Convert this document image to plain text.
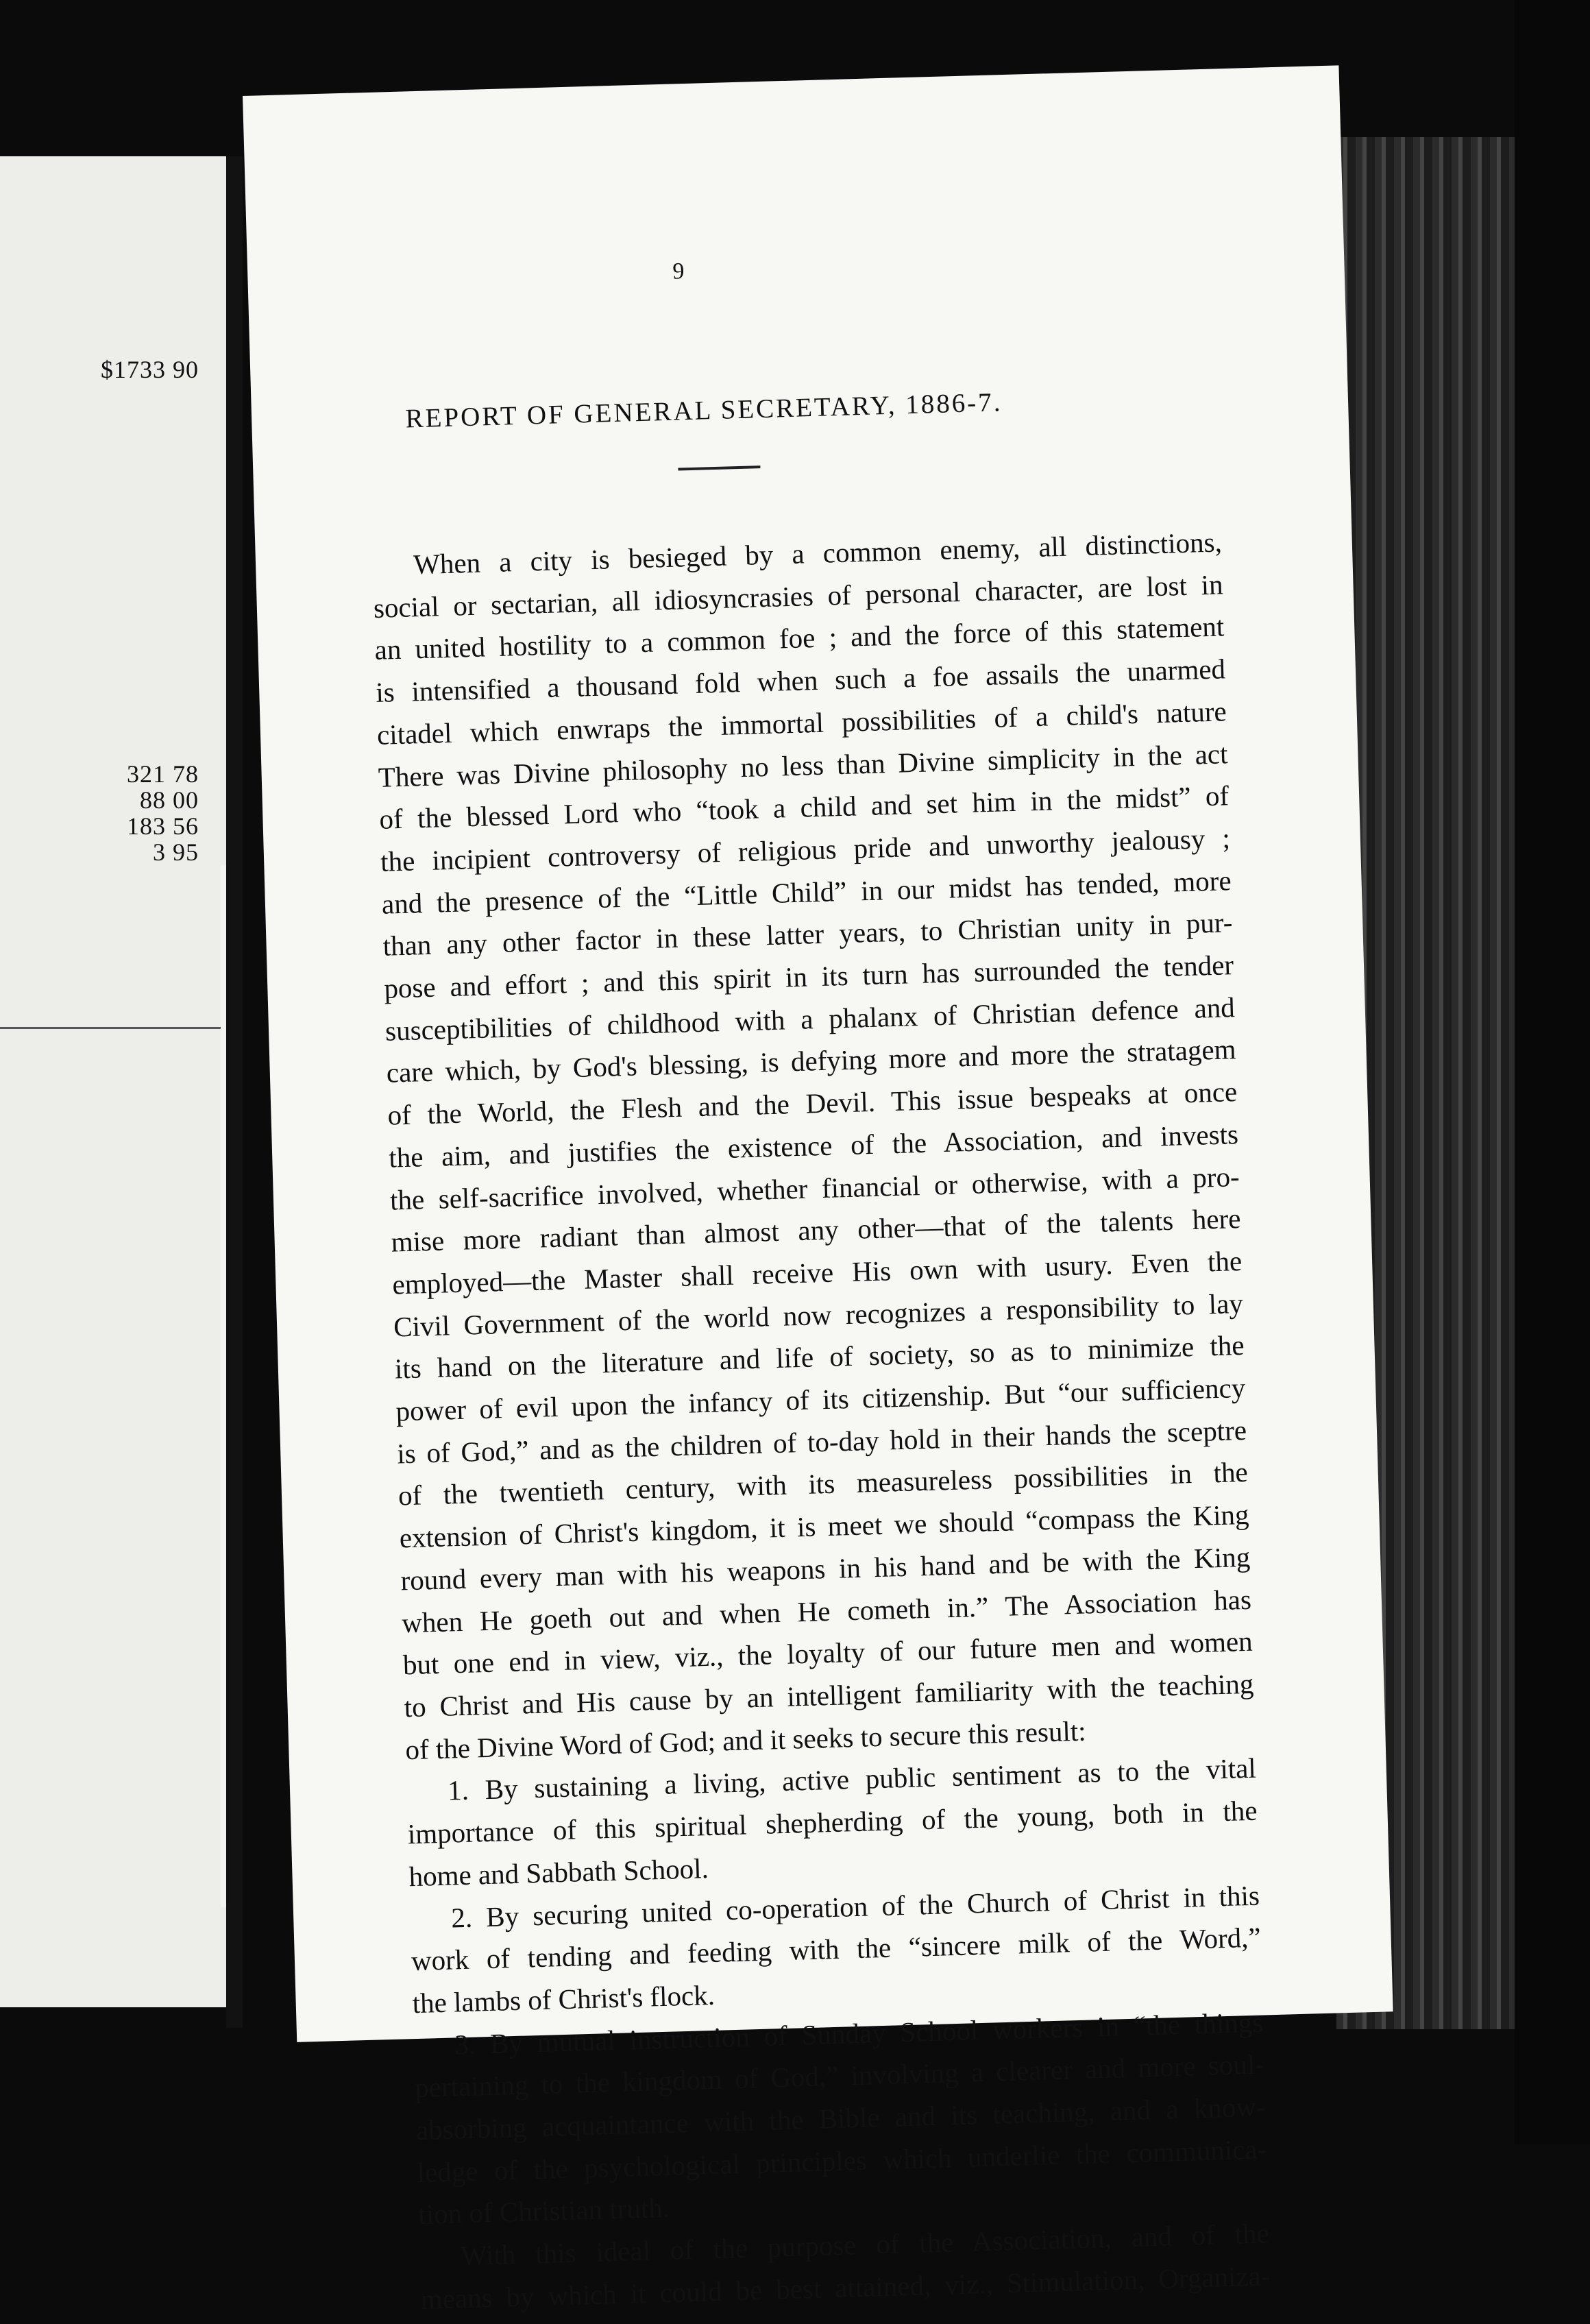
$1733 90
321 78
88 00
183 56
3 95
9
REPORT OF GENERAL SECRETARY, 1886-7.
When a city is besieged by a common enemy, all distinctions,
social or sectarian, all idiosyncrasies of personal character, are lost in
an united hostility to a common foe ; and the force of this statement
is intensified a thousand fold when such a foe assails the unarmed
citadel which enwraps the immortal possibilities of a child's nature
There was Divine philosophy no less than Divine simplicity in the act
of the blessed Lord who “took a child and set him in the midst” of
the incipient controversy of religious pride and unworthy jealousy ;
and the presence of the “Little Child” in our midst has tended, more
than any other factor in these latter years, to Christian unity in pur-
pose and effort ; and this spirit in its turn has surrounded the tender
susceptibilities of childhood with a phalanx of Christian defence and
care which, by God's blessing, is defying more and more the stratagem
of the World, the Flesh and the Devil. This issue bespeaks at once
the aim, and justifies the existence of the Association, and invests
the self-sacrifice involved, whether financial or otherwise, with a pro-
mise more radiant than almost any other—that of the talents here
employed—the Master shall receive His own with usury. Even the
Civil Government of the world now recognizes a responsibility to lay
its hand on the literature and life of society, so as to minimize the
power of evil upon the infancy of its citizenship. But “our sufficiency
is of God,” and as the children of to-day hold in their hands the sceptre
of the twentieth century, with its measureless possibilities in the
extension of Christ's kingdom, it is meet we should “compass the King
round every man with his weapons in his hand and be with the King
when He goeth out and when He cometh in.” The Association has
but one end in view, viz., the loyalty of our future men and women
to Christ and His cause by an intelligent familiarity with the teaching
of the Divine Word of God; and it seeks to secure this result:
1. By sustaining a living, active public sentiment as to the vital
importance of this spiritual shepherding of the young, both in the
home and Sabbath School.
2. By securing united co-operation of the Church of Christ in this
work of tending and feeding with the “sincere milk of the Word,”
the lambs of Christ's flock.
3. By mutual instruction of Sunday School workers in “the things
pertaining to the kingdom of God,” involving a clearer and more soul-
absorbing acquaintance with the Bible and its teaching, and a know-
ledge of the psychological principles which underlie the communica-
tion of Christian truth.
With this ideal of the purpose of the Association, and of the
means by which it could be best attained, viz., Stimulation, Organiza-
